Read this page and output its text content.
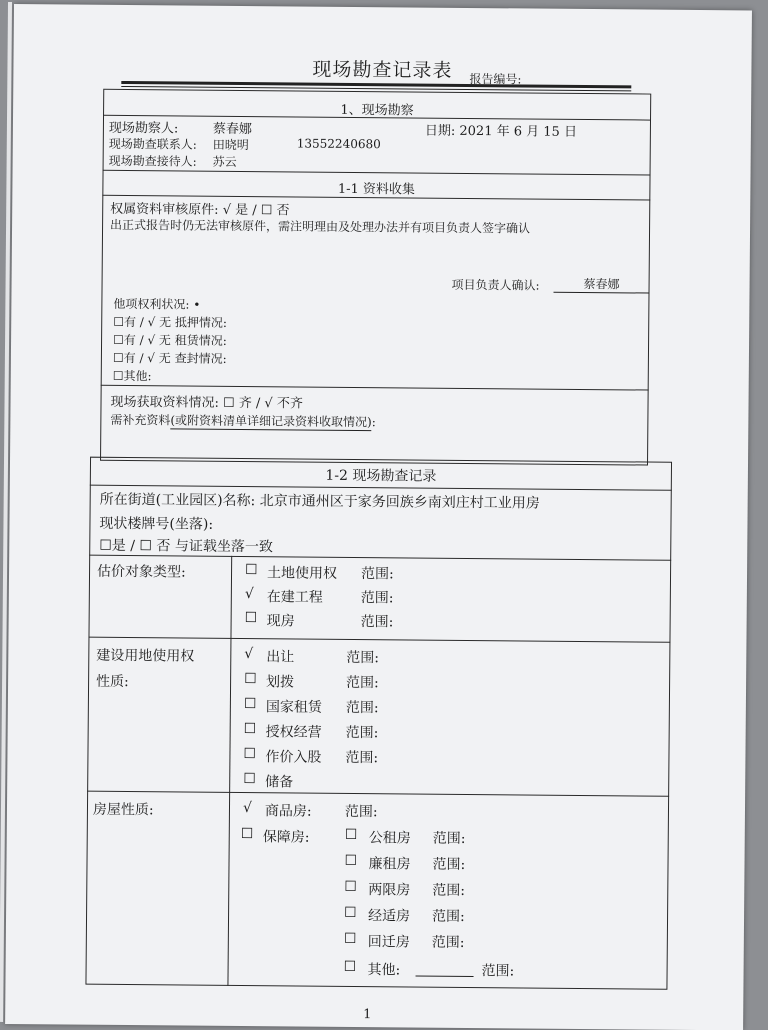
现场勘查记录表	报告编号:
1、现场勘察
现场勘察人:	蔡春娜	日期: 2021 年 6 月 15 日
现场勘查联系人: 田晓明	13552240680
现场勘查接待人: 苏云
1-1 资料收集
权属资料审核原件: √ 是 / ☐ 否
出正式报告时仍无法审核原件，需注明理由及处理办法并有项目负责人签字确认
项目负责人确认:	蔡春娜
他项权利状况: •
☐有 / √ 无 抵押情况:
☐有 / √ 无 租赁情况:
☐有 / √ 无 查封情况:
☐其他:
现场获取资料情况: ☐ 齐 / √ 不齐
需补充资料(或附资料清单详细记录资料收取情况):
1-2 现场勘查记录
所在街道(工业园区)名称: 北京市通州区于家务回族乡南刘庄村工业用房
现状楼牌号(坐落):
☐是 / ☐ 否 与证载坐落一致
估价对象类型:	☐ 土地使用权 范围:
√ 在建工程	范围:
☐ 现房	范围:
建设用地使用权
性质:
√ 出让	范围:
☐ 划拨	范围:
☐ 国家租赁 范围:
☐ 授权经营 范围:
☐ 作价入股 范围:
☐ 储备
房屋性质:	√ 商品房: 范围:
☐ 保障房:	☐ 公租房 范围:
☐ 廉租房 范围:
☐ 两限房 范围:
☐ 经适房 范围:
☐ 回迁房 范围:
☐ 其他:	范围:
1
